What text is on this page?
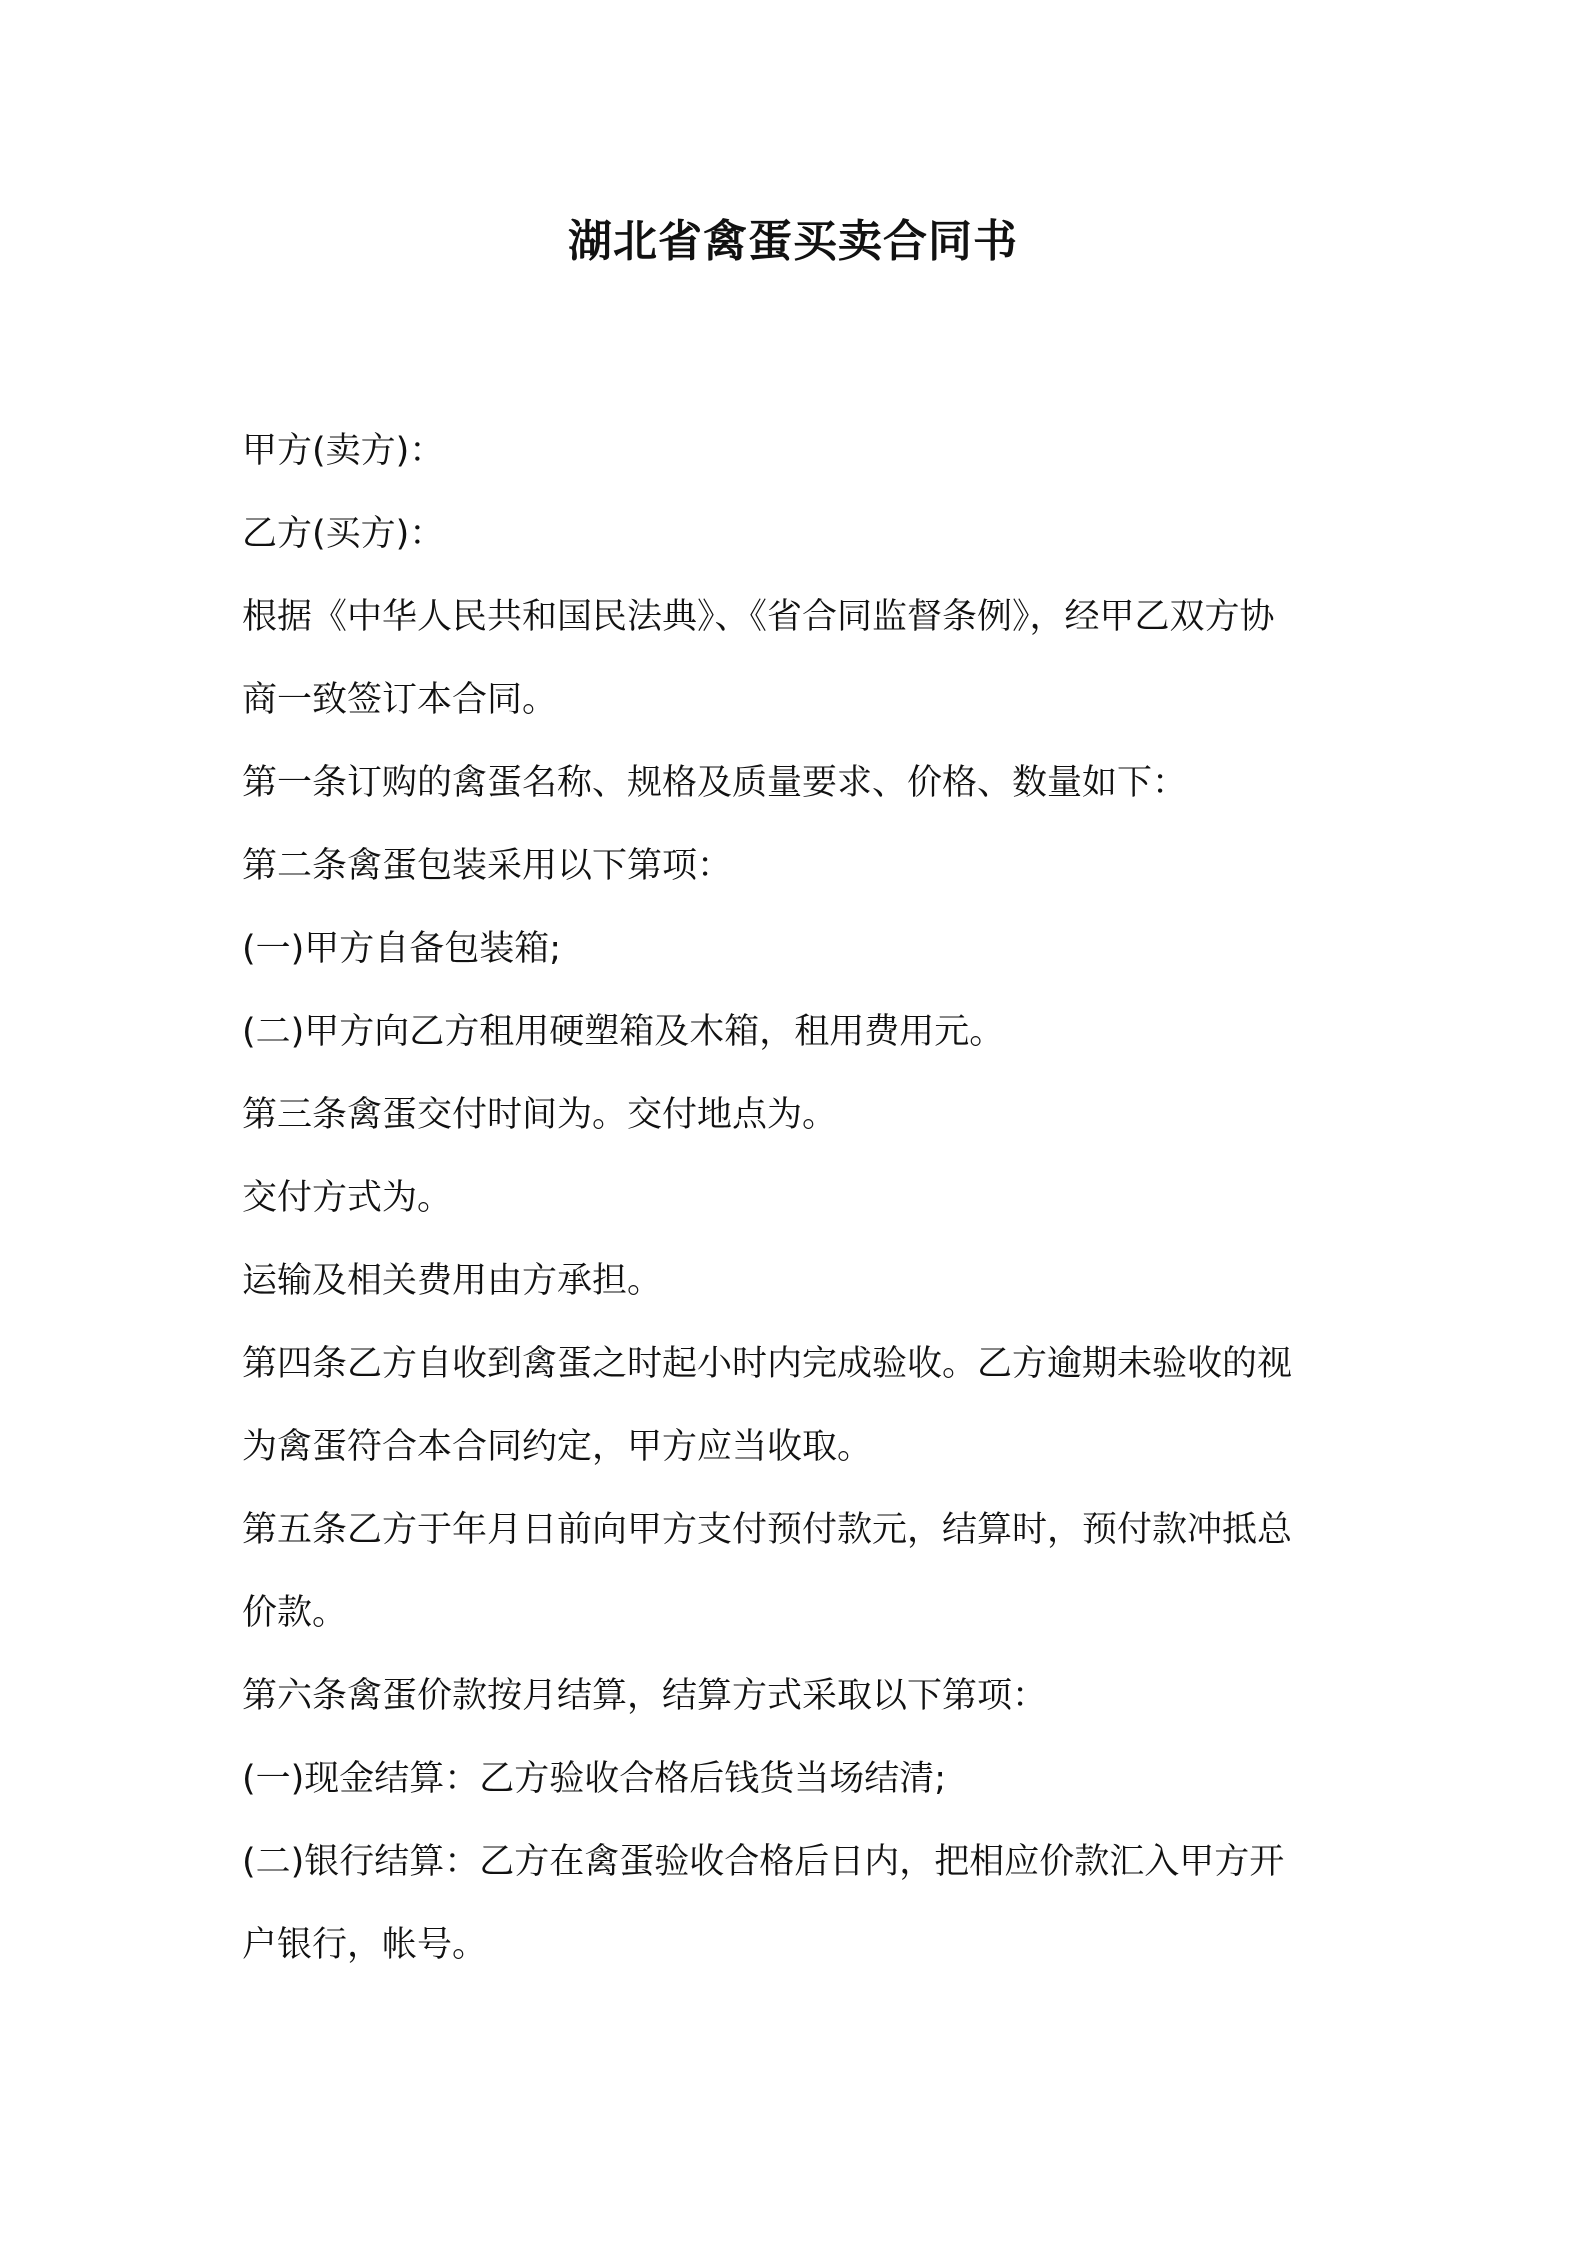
湖北省禽蛋买卖合同书
甲方(卖方)：
乙方(买方)：
根据《中华人民共和国民法典》、《省合同监督条例》，经甲乙双方协
商一致签订本合同。
第一条订购的禽蛋名称、规格及质量要求、价格、数量如下：
第二条禽蛋包装采用以下第项：
(一)甲方自备包装箱;
(二)甲方向乙方租用硬塑箱及木箱，租用费用元。
第三条禽蛋交付时间为。交付地点为。
交付方式为。
运输及相关费用由方承担。
第四条乙方自收到禽蛋之时起小时内完成验收。乙方逾期未验收的视
为禽蛋符合本合同约定，甲方应当收取。
第五条乙方于年月日前向甲方支付预付款元，结算时，预付款冲抵总
价款。
第六条禽蛋价款按月结算，结算方式采取以下第项：
(一)现金结算：乙方验收合格后钱货当场结清;
(二)银行结算：乙方在禽蛋验收合格后日内，把相应价款汇入甲方开
户银行，帐号。
